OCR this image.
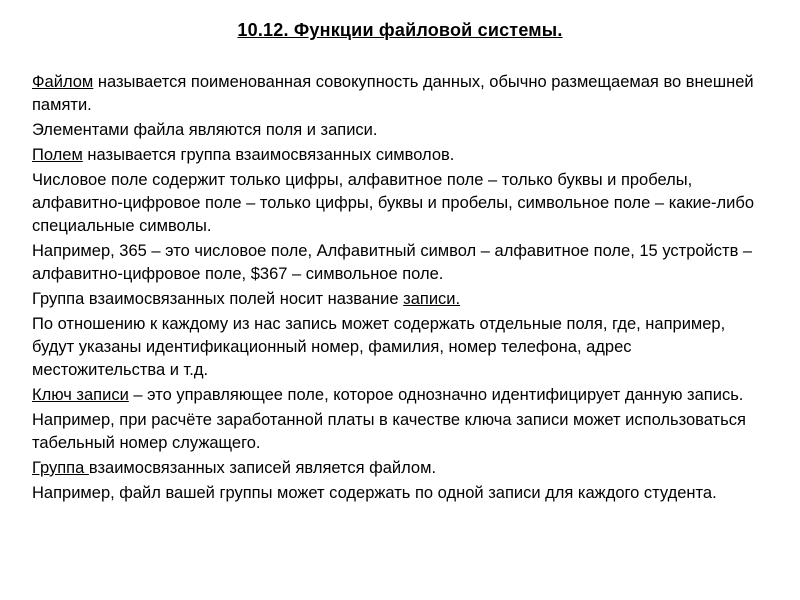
10.12. Функции файловой системы.

Файлом называется поименованная совокупность данных, обычно размещаемая во внешней памяти.

Элементами файла являются поля и записи.

Полем называется группа взаимосвязанных символов.

Числовое поле содержит только цифры, алфавитное поле – только буквы и пробелы, алфавитно-цифровое поле – только цифры, буквы и пробелы, символьное поле – какие-либо специальные символы.

Например, 365 – это числовое поле, Алфавитный символ – алфавитное поле, 15 устройств – алфавитно-цифровое поле, $367 – символьное поле.

Группа взаимосвязанных полей носит название записи.

По отношению к каждому из нас запись может содержать отдельные поля, где, например, будут указаны идентификационный номер, фамилия, номер телефона, адрес местожительства и т.д.

Ключ записи – это управляющее поле, которое однозначно идентифицирует данную запись.

Например, при расчёте заработанной платы в качестве ключа записи может использоваться табельный номер служащего.

Группа взаимосвязанных записей является файлом.

Например, файл вашей группы может содержать по одной записи для каждого студента.
